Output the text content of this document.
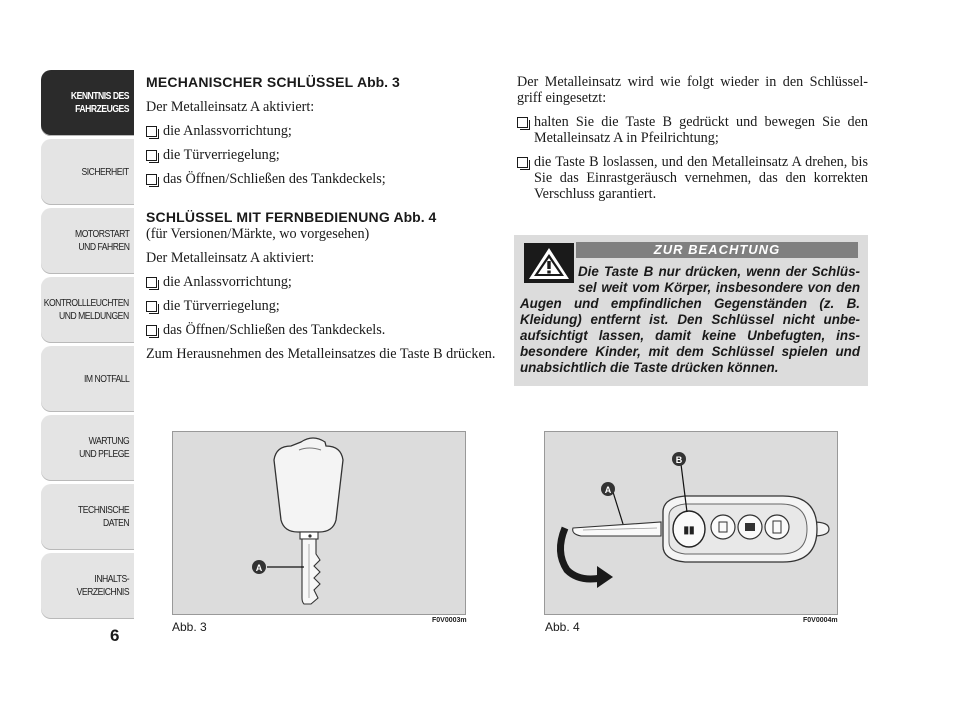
KENNTNIS DES
FAHRZEUGES
SICHERHEIT
MOTORSTART
UND FAHREN
KONTROLLLEUCHTEN
UND MELDUNGEN
IM NOTFALL
WARTUNG
UND PFLEGE
TECHNISCHE DATEN
INHALTS-
VERZEICHNIS
6

MECHANISCHER SCHLÜSSEL Abb. 3

Der Metalleinsatz A aktiviert:

die Anlassvorrichtung;

die Türverriegelung;

das Öffnen/Schließen des Tankdeckels;

SCHLÜSSEL MIT FERNBEDIENUNG Abb. 4

(für Versionen/Märkte, wo vorgesehen)

Der Metalleinsatz A aktiviert:

die Anlassvorrichtung;

die Türverriegelung;

das Öffnen/Schließen des Tankdeckels.

Zum Herausnehmen des Metalleinsatzes die Taste B drücken.

Der Metalleinsatz wird wie folgt wieder in den Schlüssel-griff eingesetzt:

halten Sie die Taste B gedrückt und bewegen Sie den Metalleinsatz A in Pfeilrichtung;

die Taste B loslassen, und den Metalleinsatz A drehen, bis Sie das Einrastgeräusch vernehmen, das den korrekten Verschluss garantiert.

ZUR BEACHTUNG
Die Taste B nur drücken, wenn der Schlüs-sel weit vom Körper, insbesondere von den Augen und empfindlichen Gegenständen (z. B. Kleidung) entfernt ist. Den Schlüssel nicht unbe-aufsichtigt lassen, damit keine Unbefugten, ins-besondere Kinder, mit dem Schlüssel spielen und unabsichtlich die Taste drücken können.
A
Abb. 3	F0V0003m
▮▮
A
B
Abb. 4	F0V0004m
